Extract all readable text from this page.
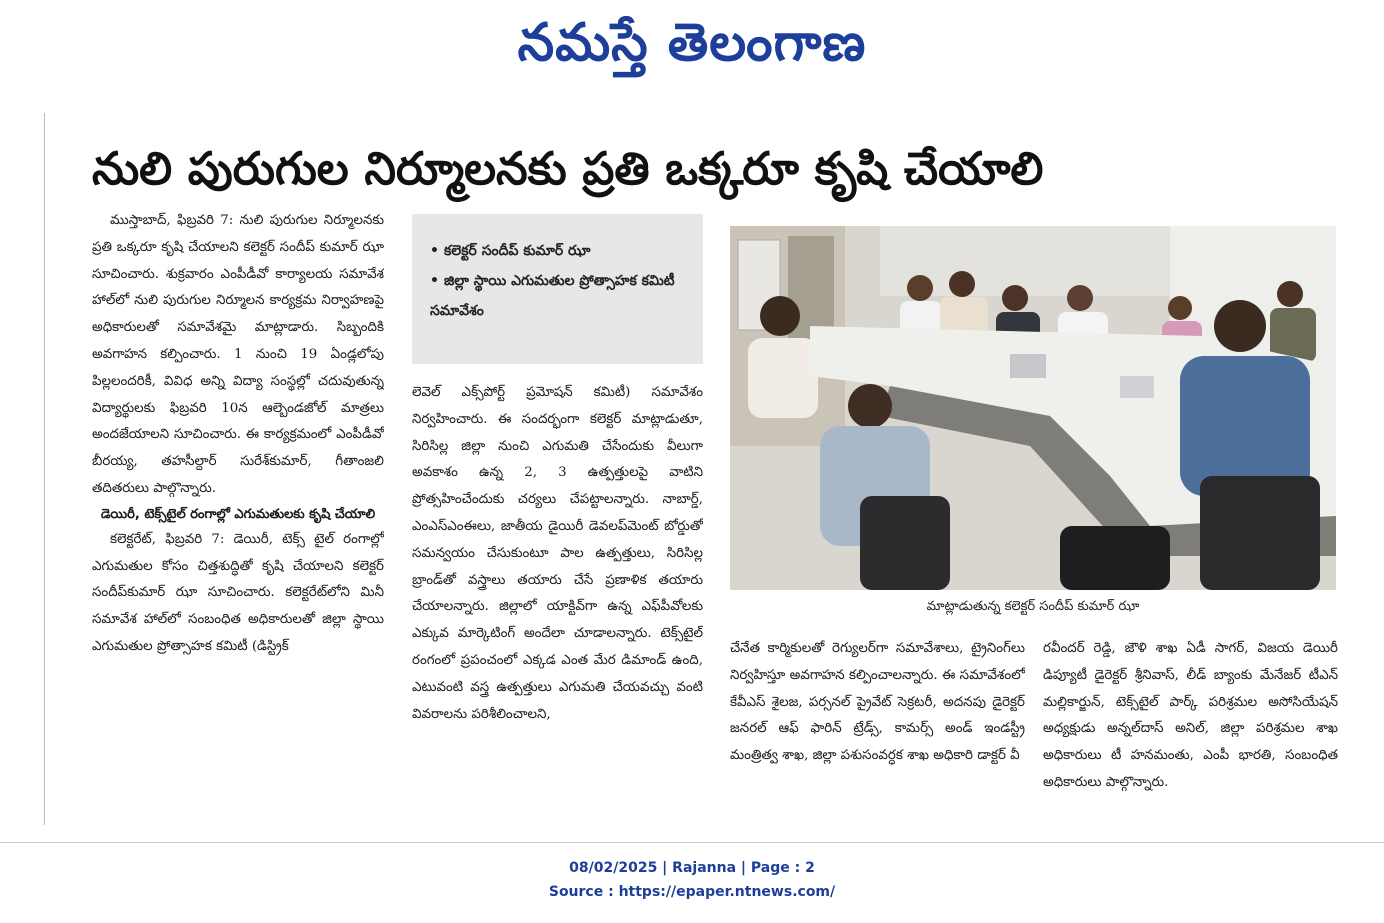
నమస్తే తెలంగాణ
నులి పురుగుల నిర్మూలనకు ప్రతి ఒక్కరూ కృషి చేయాలి

ముస్తాబాద్, ఫిబ్రవరి 7: నులి పురుగుల నిర్మూలనకు ప్రతి ఒక్కరూ కృషి చేయాలని కలెక్టర్ సందీప్ కుమార్ ఝా సూచించారు. శుక్రవారం ఎంపీడీవో కార్యాలయ సమావేశ హాల్‌లో నులి పురుగుల నిర్మూలన కార్యక్రమ నిర్వాహణపై అధికారులతో సమావేశమై మాట్లాడారు. సిబ్బందికి అవగాహన కల్పించారు. 1 నుంచి 19 ఏండ్లలోపు పిల్లలందరికీ, వివిధ అన్ని విద్యా సంస్థల్లో చదువుతున్న విద్యార్థులకు ఫిబ్రవరి 10న ఆల్బెండజోల్ మాత్రలు అందజేయాలని సూచించారు. ఈ కార్యక్రమంలో ఎంపీడీవో బీరయ్య, తహసీల్దార్ సురేశ్‌కుమార్, గీతాంజలి తదితరులు పాల్గొన్నారు.

డెయిరీ, టెక్స్‌టైల్ రంగాల్లో ఎగుమతులకు కృషి చేయాలి

కలెక్టరేట్, ఫిబ్రవరి 7: డెయిరీ, టెక్స్ టైల్ రంగాల్లో ఎగుమతుల కోసం చిత్తశుద్ధితో కృషి చేయాలని కలెక్టర్ సందీప్‌కుమార్ ఝా సూచించారు. కలెక్టరేట్‌లోని మినీ సమావేశ హాల్‌లో సంబంధిత అధికారులతో జిల్లా స్థాయి ఎగుమతుల ప్రోత్సాహక కమిటీ (డిస్ట్రిక్

• కలెక్టర్ సందీప్ కుమార్ ఝా
• జిల్లా స్థాయి ఎగుమతుల ప్రోత్సాహక కమిటీ సమావేశం

లెవెల్ ఎక్స్‌పోర్ట్ ప్రమోషన్ కమిటీ) సమావేశం నిర్వహించారు. ఈ సందర్భంగా కలెక్టర్ మాట్లాడుతూ, సిరిసిల్ల జిల్లా నుంచి ఎగుమతి చేసేందుకు వీలుగా అవకాశం ఉన్న 2, 3 ఉత్పత్తులపై వాటిని ప్రోత్సహించేందుకు చర్యలు చేపట్టాలన్నారు. నాబార్డ్, ఎంఎస్ఎంఈలు, జాతీయ డైయిరీ డెవలప్‌మెంట్ బోర్డుతో సమన్వయం చేసుకుంటూ పాల ఉత్పత్తులు, సిరిసిల్ల బ్రాండ్‌తో వస్త్రాలు తయారు చేసే ప్రణాళిక తయారు చేయాలన్నారు. జిల్లాలో యాక్టివ్‌గా ఉన్న ఎఫ్‌పీవోలకు ఎక్కువ మార్కెటింగ్ అందేలా చూడాలన్నారు. టెక్స్‌టైల్ రంగంలో ప్రపంచంలో ఎక్కడ ఎంత మేర డిమాండ్ ఉంది, ఎటువంటి వస్త్ర ఉత్పత్తులు ఎగుమతి చేయవచ్చు వంటి వివరాలను పరిశీలించాలని,

మాట్లాడుతున్న కలెక్టర్ సందీప్ కుమార్ ఝా

చేనేత కార్మికులతో రెగ్యులర్‌గా సమావేశాలు, ట్రైనింగ్‌లు నిర్వహిస్తూ అవగాహన కల్పించాలన్నారు. ఈ సమావేశంలో కేవీఎస్ శైలజ, పర్సనల్ ప్రైవేట్ సెక్రటరీ, అదనపు డైరెక్టర్ జనరల్ ఆఫ్ ఫారిన్ ట్రేడ్స్, కామర్స్ అండ్ ఇండస్ట్రీ మంత్రిత్వ శాఖ, జిల్లా పశుసంవర్ధక శాఖ అధికారి డాక్టర్ వీ

రవీందర్ రెడ్డి, జౌళి శాఖ ఏడీ సాగర్, విజయ డెయిరీ డిప్యూటీ డైరెక్టర్ శ్రీనివాస్, లీడ్ బ్యాంకు మేనేజర్ టీఎన్ మల్లికార్జున్, టెక్స్‌టైల్ పార్క్ పరిశ్రమల అసోసియేషన్ అధ్యక్షుడు అన్నల్‌దాస్ అనిల్, జిల్లా పరిశ్రమల శాఖ అధికారులు టీ హనమంతు, ఎంపీ భారతి, సంబంధిత అధికారులు పాల్గొన్నారు.

08/02/2025 | Rajanna | Page : 2
Source : https://epaper.ntnews.com/
